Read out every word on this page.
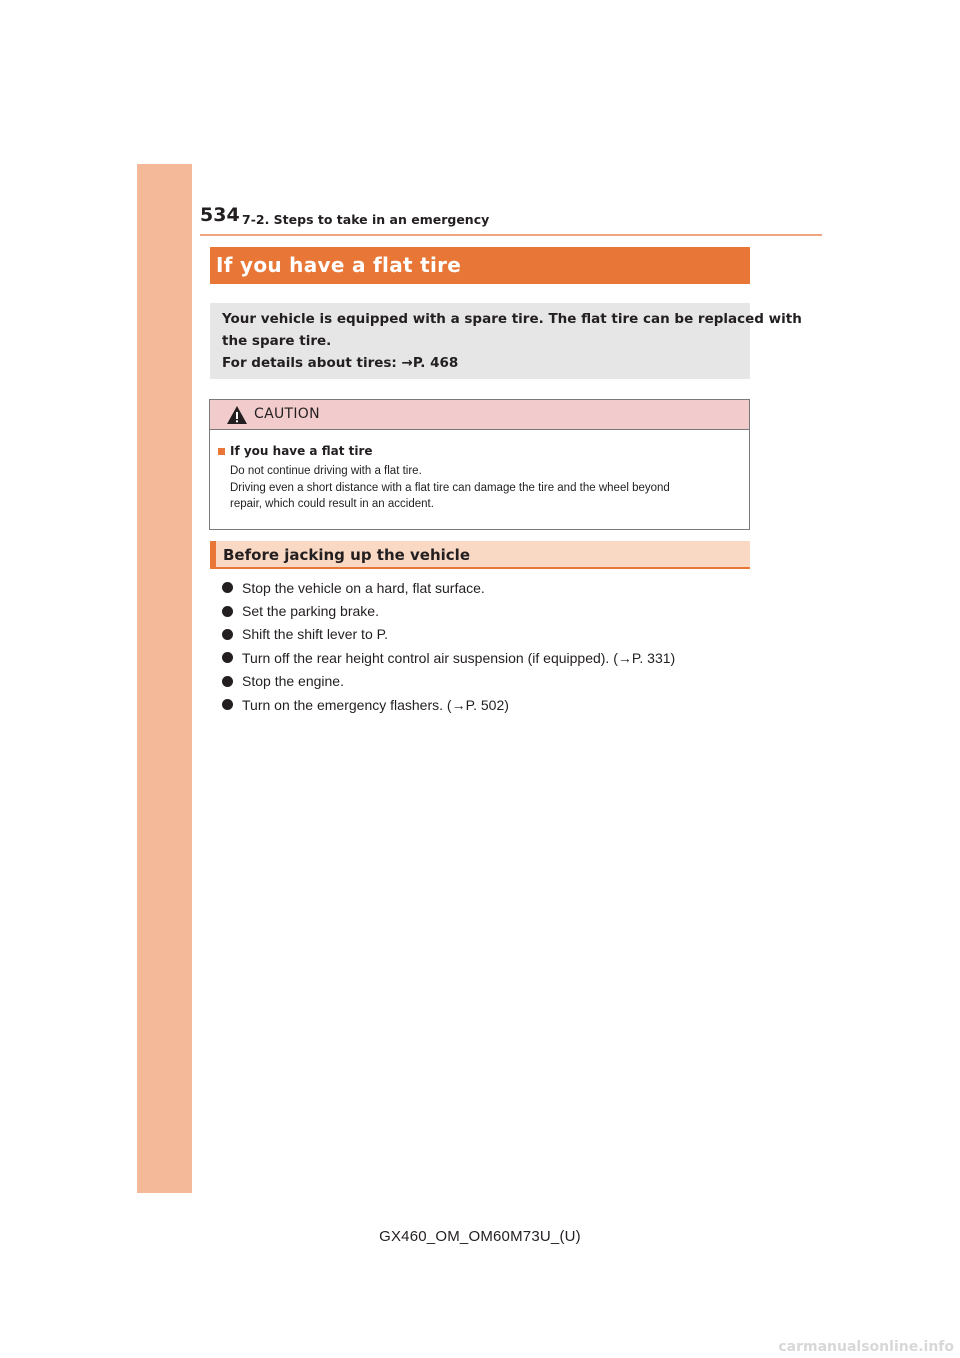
534 7-2. Steps to take in an emergency
If you have a flat tire
Your vehicle is equipped with a spare tire. The flat tire can be replaced with
the spare tire.
For details about tires: →P. 468
CAUTION
If you have a flat tire
Do not continue driving with a flat tire.
Driving even a short distance with a flat tire can damage the tire and the wheel beyond
repair, which could result in an accident.
Before jacking up the vehicle
Stop the vehicle on a hard, flat surface.
Set the parking brake.
Shift the shift lever to P.
Turn off the rear height control air suspension (if equipped). (→P. 331)
Stop the engine.
Turn on the emergency flashers. (→P. 502)
GX460_OM_OM60M73U_(U)
carmanualsonline.info
